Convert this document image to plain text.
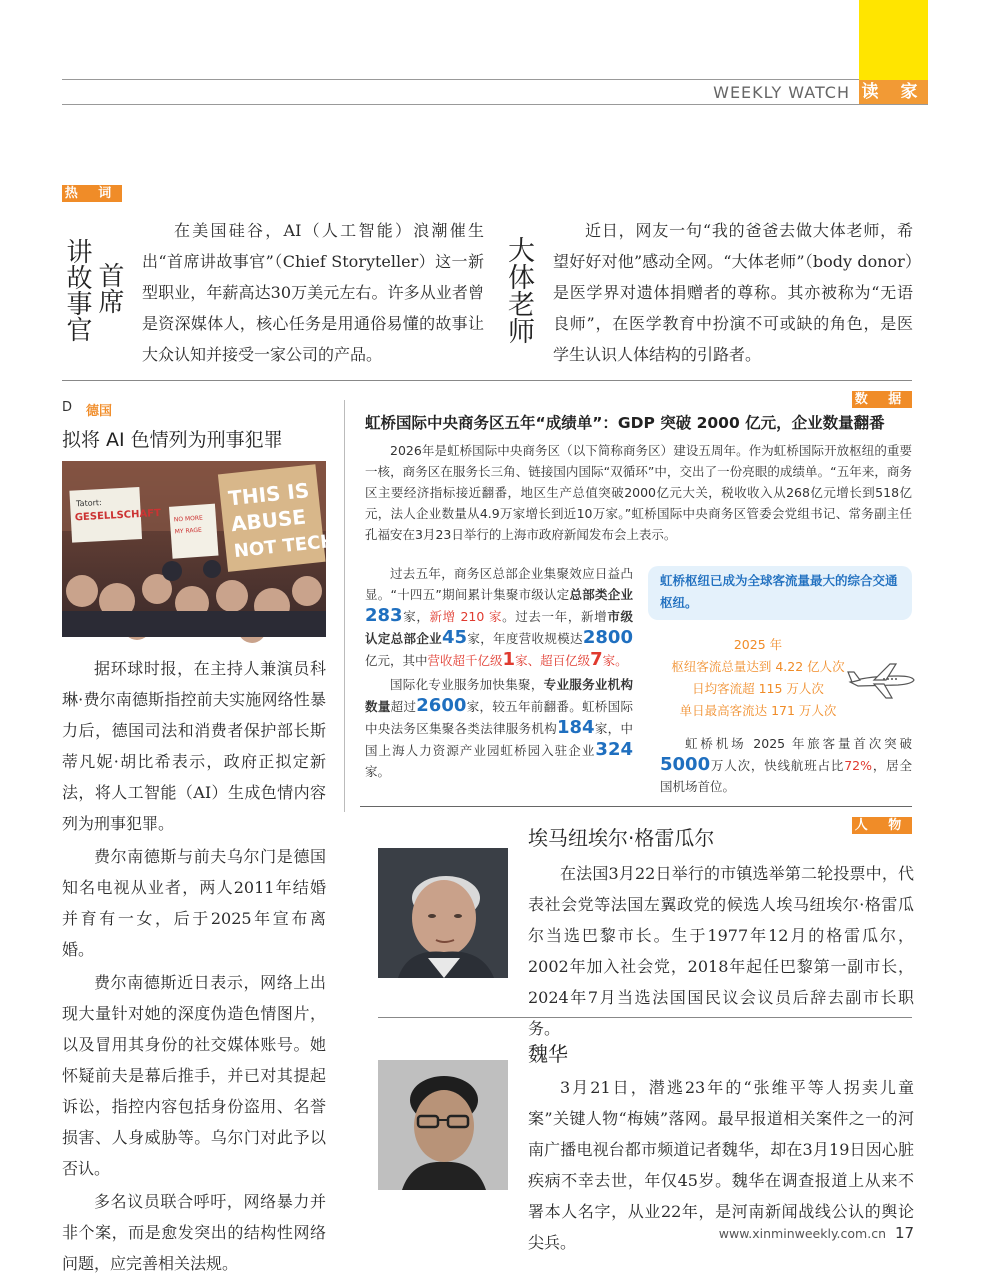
WEEKLY WATCH 读 家
热 词
讲故事官 首席
在美国硅谷，AI（人工智能）浪潮催生出“首席讲故事官”（Chief Storyteller）这一新型职业，年薪高达30万美元左右。许多从业者曾是资深媒体人，核心任务是用通俗易懂的故事让大众认知并接受一家公司的产品。
大体老师
近日，网友一句“我的爸爸去做大体老师，希望好好对他”感动全网。“大体老师”（body donor）是医学界对遗体捐赠者的尊称。其亦被称为“无语良师”，在医学教育中扮演不可或缺的角色，是医学生认识人体结构的引路者。
D 德国
拟将 AI 色情列为刑事犯罪
Tatort:
GESELLSCHAFT NO MORE
MY RAGE
THIS IS
ABUSE
NOT TECH

据环球时报，在主持人兼演员科琳·费尔南德斯指控前夫实施网络性暴力后，德国司法和消费者保护部长斯蒂凡妮·胡比希表示，政府正拟定新法，将人工智能（AI）生成色情内容列为刑事犯罪。

费尔南德斯与前夫乌尔门是德国知名电视从业者，两人2011年结婚并育有一女，后于2025年宣布离婚。

费尔南德斯近日表示，网络上出现大量针对她的深度伪造色情图片，以及冒用其身份的社交媒体账号。她怀疑前夫是幕后推手，并已对其提起诉讼，指控内容包括身份盗用、名誉损害、人身威胁等。乌尔门对此予以否认。

多名议员联合呼吁，网络暴力并非个案，而是愈发突出的结构性网络问题，应完善相关法规。

数 据
虹桥国际中央商务区五年“成绩单”：GDP 突破 2000 亿元，企业数量翻番
2026年是虹桥国际中央商务区（以下简称商务区）建设五周年。作为虹桥国际开放枢纽的重要一核，商务区在服务长三角、链接国内国际“双循环”中，交出了一份亮眼的成绩单。“五年来，商务区主要经济指标接近翻番，地区生产总值突破2000亿元大关，税收收入从268亿元增长到518亿元，法人企业数量从4.9万家增长到近10万家。”虹桥国际中央商务区管委会党组书记、常务副主任孔福安在3月23日举行的上海市政府新闻发布会上表示。

过去五年，商务区总部企业集聚效应日益凸显。“十四五”期间累计集聚市级认定总部类企业283家，新增 210 家。过去一年，新增市级认定总部企业45家，年度营收规模达2800亿元，其中营收超千亿级1家、超百亿级7家。

国际化专业服务加快集聚，专业服务业机构数量超过2600家，较五年前翻番。虹桥国际中央法务区集聚各类法律服务机构184家，中国上海人力资源产业园虹桥园入驻企业324家。

虹桥枢纽已成为全球客流量最大的综合交通枢纽。
2025 年
枢纽客流总量达到 4.22 亿人次
日均客流超 115 万人次
单日最高客流达 171 万人次
虹桥机场 2025 年旅客量首次突破5000万人次，快线航班占比72%，居全国机场首位。
人 物
埃马纽埃尔·格雷瓜尔
在法国3月22日举行的市镇选举第二轮投票中，代表社会党等法国左翼政党的候选人埃马纽埃尔·格雷瓜尔当选巴黎市长。生于1977年12月的格雷瓜尔，2002年加入社会党，2018年起任巴黎第一副市长，2024年7月当选法国国民议会议员后辞去副市长职务。
魏华
3月21日，潜逃23年的“张维平等人拐卖儿童案”关键人物“梅姨”落网。最早报道相关案件之一的河南广播电视台都市频道记者魏华，却在3月19日因心脏疾病不幸去世，年仅45岁。魏华在调查报道上从来不署本人名字，从业22年，是河南新闻战线公认的舆论尖兵。	www.xinminweekly.com.cn 17
